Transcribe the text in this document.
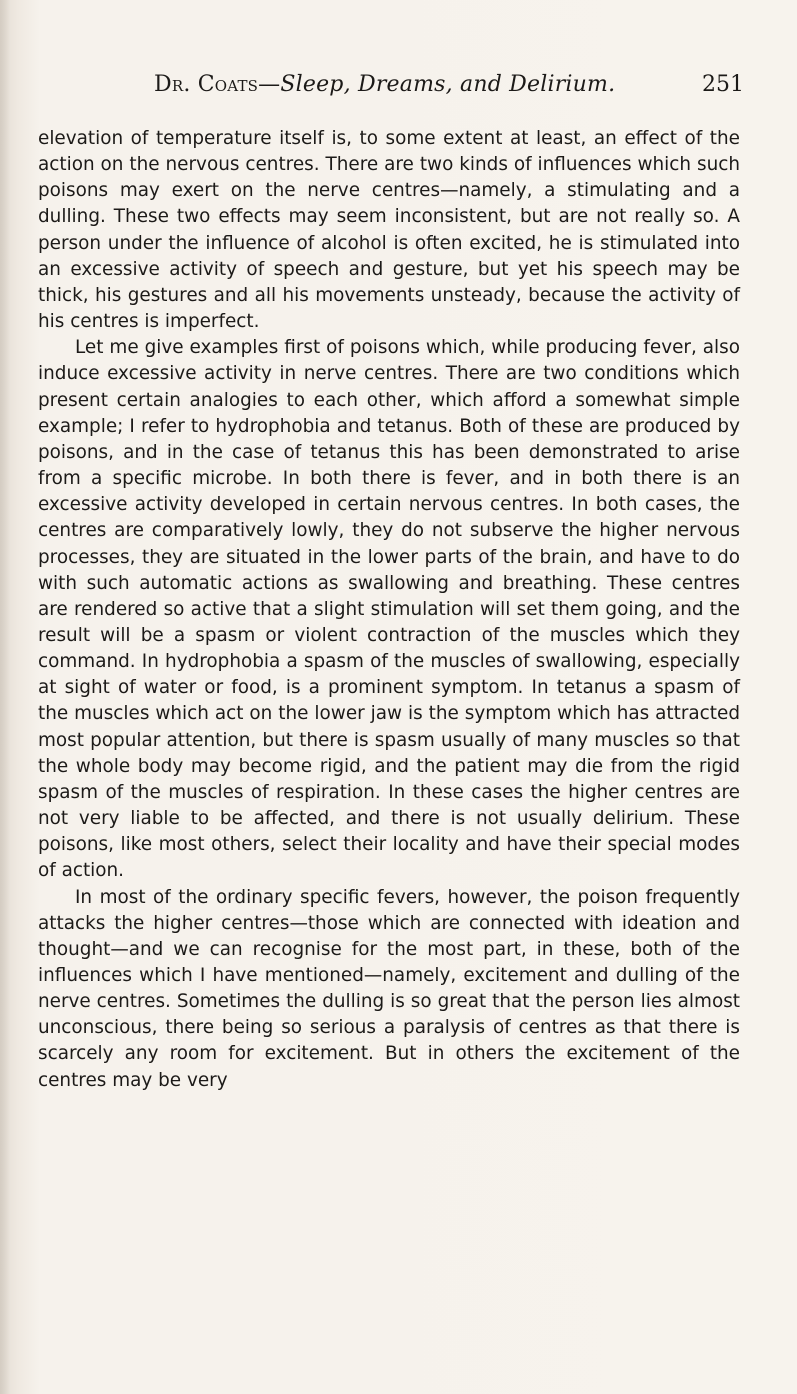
Dr. Coats—Sleep, Dreams, and Delirium.	251

elevation of temperature itself is, to some extent at least, an effect of the action on the nervous centres. There are two kinds of influences which such poisons may exert on the nerve centres—namely, a stimulating and a dulling. These two effects may seem inconsistent, but are not really so. A person under the influence of alcohol is often excited, he is stimulated into an excessive activity of speech and gesture, but yet his speech may be thick, his gestures and all his movements unsteady, because the activity of his centres is imperfect.

Let me give examples first of poisons which, while producing fever, also induce excessive activity in nerve centres. There are two conditions which present certain analogies to each other, which afford a somewhat simple example; I refer to hydrophobia and tetanus. Both of these are produced by poisons, and in the case of tetanus this has been demonstrated to arise from a specific microbe. In both there is fever, and in both there is an excessive activity developed in certain nervous centres. In both cases, the centres are comparatively lowly, they do not subserve the higher nervous processes, they are situated in the lower parts of the brain, and have to do with such automatic actions as swallowing and breathing. These centres are rendered so active that a slight stimulation will set them going, and the result will be a spasm or violent contraction of the muscles which they command. In hydrophobia a spasm of the muscles of swallowing, especially at sight of water or food, is a prominent symptom. In tetanus a spasm of the muscles which act on the lower jaw is the symptom which has attracted most popular attention, but there is spasm usually of many muscles so that the whole body may become rigid, and the patient may die from the rigid spasm of the muscles of respiration. In these cases the higher centres are not very liable to be affected, and there is not usually delirium. These poisons, like most others, select their locality and have their special modes of action.

In most of the ordinary specific fevers, however, the poison frequently attacks the higher centres—those which are connected with ideation and thought—and we can recognise for the most part, in these, both of the influences which I have mentioned—namely, excitement and dulling of the nerve centres. Sometimes the dulling is so great that the person lies almost unconscious, there being so serious a paralysis of centres as that there is scarcely any room for excitement. But in others the excitement of the centres may be very
